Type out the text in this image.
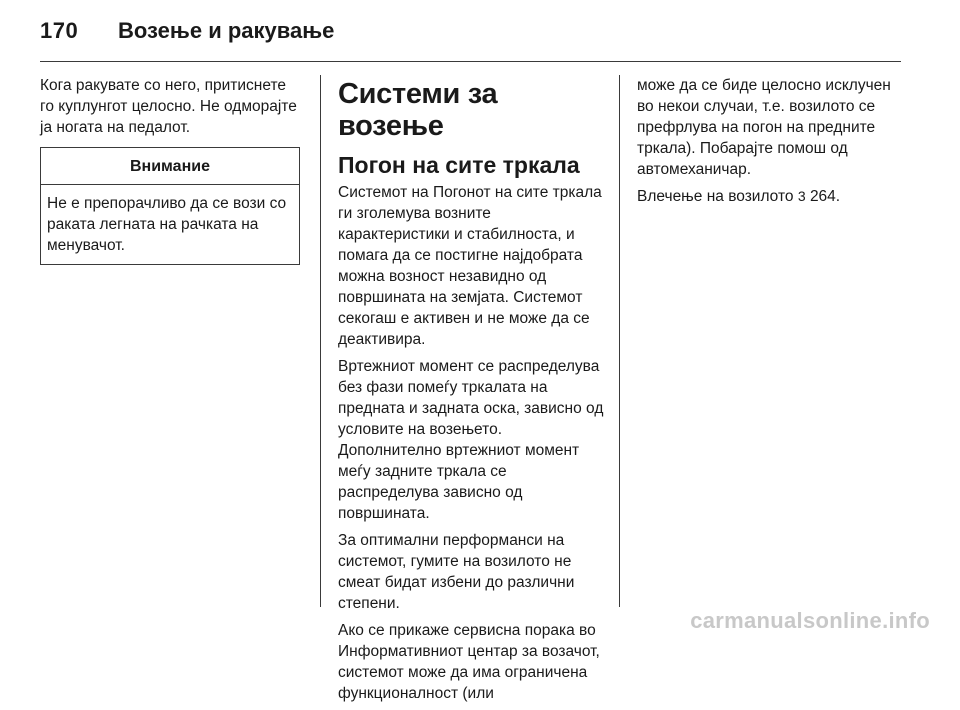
170 Возење и ракување

Кога ракувате со него, притиснете го куплунгот целосно. Не одморајте ја ногата на педалот.

Внимание
Не е препорачливо да се вози со раката легната на рачката на менувачот.
Системи за возење
Погон на сите тркала

Системот на Погонот на сите тркала ги зголемува возните карактеристики и стабилноста, и помага да се постигне најдобрата можна возност незавидно од површината на земјата. Системот секогаш е активен и не може да се деактивира.

Вртежниот момент се распределува без фази помеѓу тркалата на предната и задната оска, зависно од условите на возењето. Дополнително вртежниот момент меѓу задните тркала се распределува зависно од површината.

За оптимални перформанси на системот, гумите на возилото не смеат бидат избени до различни степени.

Ако се прикаже сервисна порака во Информативниот центар за возачот, системот може да има ограничена функционалност (или

може да се биде целосно исклучен во некои случаи, т.е. возилото се префрлува на погон на предните тркала). Побарајте помош од автомеханичар.

Влечење на возилото 3 264.

carmanualsonline.info
